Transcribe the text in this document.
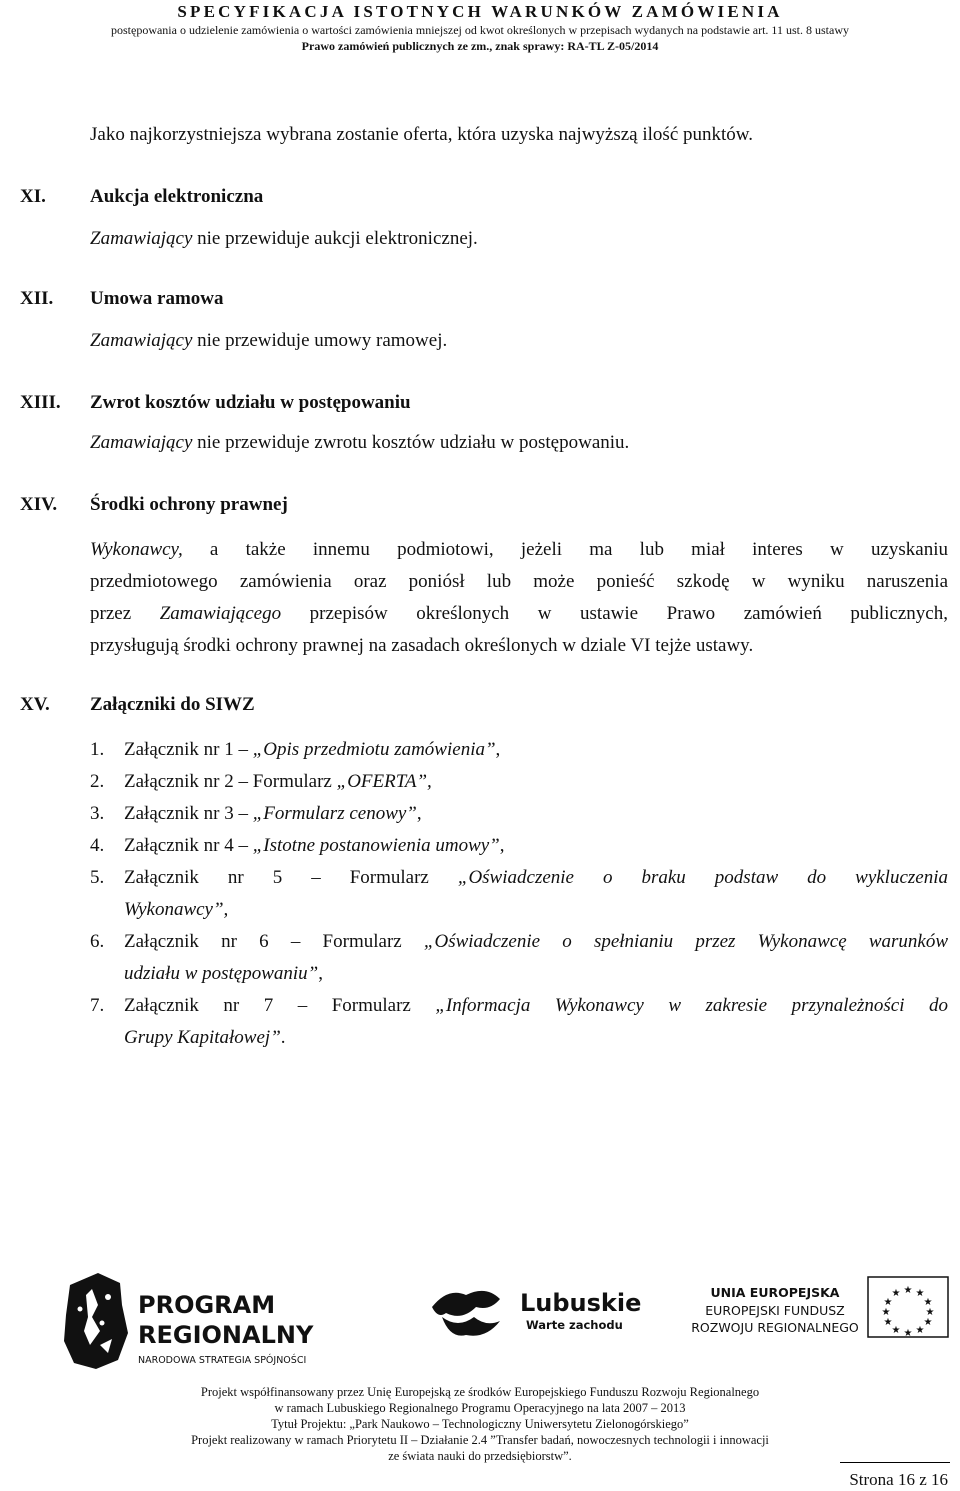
SPECYFIKACJA ISTOTNYCH WARUNKÓW ZAMÓWIENIA
postępowania o udzielenie zamówienia o wartości zamówienia mniejszej od kwot określonych w przepisach wydanych na podstawie art. 11 ust. 8 ustawy
Prawo zamówień publicznych ze zm., znak sprawy: RA-TL Z-05/2014
Jako najkorzystniejsza wybrana zostanie oferta, która uzyska najwyższą ilość punktów.
XI. Aukcja elektroniczna
Zamawiający nie przewiduje aukcji elektronicznej.
XII. Umowa ramowa
Zamawiający nie przewiduje umowy ramowej.
XIII. Zwrot kosztów udziału w postępowaniu
Zamawiający nie przewiduje zwrotu kosztów udziału w postępowaniu.
XIV. Środki ochrony prawnej
Wykonawcy, a także innemu podmiotowi, jeżeli ma lub miał interes w uzyskaniu
przedmiotowego zamówienia oraz poniósł lub może ponieść szkodę w wyniku naruszenia
przez Zamawiającego przepisów określonych w ustawie Prawo zamówień publicznych,
przysługują środki ochrony prawnej na zasadach określonych w dziale VI tejże ustawy.
XV. Załączniki do SIWZ
1. Załącznik nr 1 – „Opis przedmiotu zamówienia”,
2. Załącznik nr 2 – Formularz „OFERTA”,
3. Załącznik nr 3 – „Formularz cenowy”,
4. Załącznik nr 4 – „Istotne postanowienia umowy”,
5. Załącznik nr 5 – Formularz „Oświadczenie o braku podstaw do wykluczenia
Wykonawcy”,
6. Załącznik nr 6 – Formularz „Oświadczenie o spełnianiu przez Wykonawcę warunków
udziału w postępowaniu”,
7. Załącznik nr 7 – Formularz „Informacja Wykonawcy w zakresie przynależności do
Grupy Kapitałowej”.
PROGRAM
REGIONALNY
NARODOWA STRATEGIA SPÓJNOŚCI
Lubuskie
Warte zachodu
UNIA EUROPEJSKA
EUROPEJSKI FUNDUSZ
ROZWOJU REGIONALNEGO
★ ★
★
★
★
★
★
★
★
★
★
★
Projekt współfinansowany przez Unię Europejską ze środków Europejskiego Funduszu Rozwoju Regionalnego
w ramach Lubuskiego Regionalnego Programu Operacyjnego na lata 2007 – 2013
Tytuł Projektu: „Park Naukowo – Technologiczny Uniwersytetu Zielonogórskiego”
Projekt realizowany w ramach Priorytetu II – Działanie 2.4 ”Transfer badań, nowoczesnych technologii i innowacji
ze świata nauki do przedsiębiorstw”.
Strona 16 z 16
